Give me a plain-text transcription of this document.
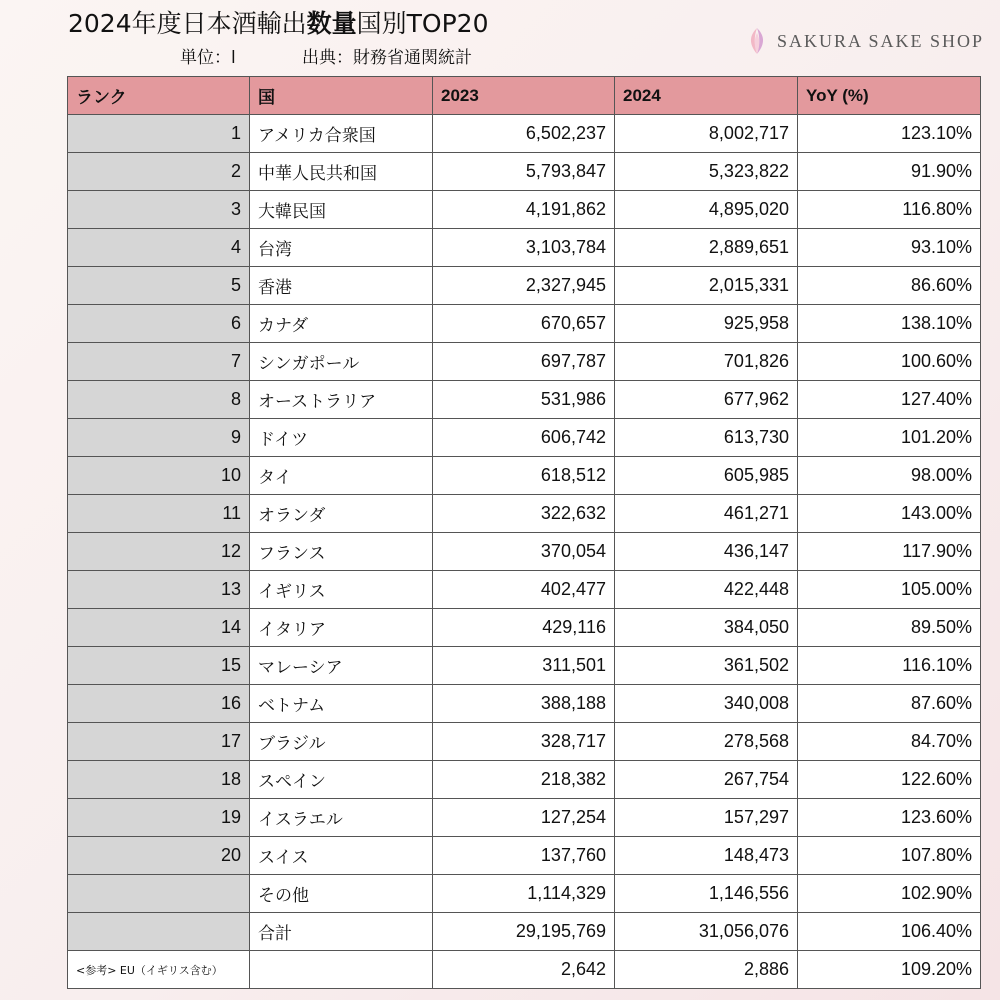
2024年度日本酒輸出数量国別TOP20
単位：l	出典：財務省通関統計
SAKURA SAKE SHOP
ランク	国	2023	2024	YoY (%)
1	アメリカ合衆国	6,502,237	8,002,717	123.10%
2	中華人民共和国	5,793,847	5,323,822	91.90%
3	大韓民国	4,191,862	4,895,020	116.80%
4	台湾	3,103,784	2,889,651	93.10%
5	香港	2,327,945	2,015,331	86.60%
6	カナダ	670,657	925,958	138.10%
7	シンガポール	697,787	701,826	100.60%
8	オーストラリア	531,986	677,962	127.40%
9	ドイツ	606,742	613,730	101.20%
10	タイ	618,512	605,985	98.00%
11	オランダ	322,632	461,271	143.00%
12	フランス	370,054	436,147	117.90%
13	イギリス	402,477	422,448	105.00%
14	イタリア	429,116	384,050	89.50%
15	マレーシア	311,501	361,502	116.10%
16	ベトナム	388,188	340,008	87.60%
17	ブラジル	328,717	278,568	84.70%
18	スペイン	218,382	267,754	122.60%
19	イスラエル	127,254	157,297	123.60%
20	スイス	137,760	148,473	107.80%
	その他	1,114,329	1,146,556	102.90%
	合計	29,195,769	31,056,076	106.40%
<参考> EU（イギリス含む）		2,642	2,886	109.20%
